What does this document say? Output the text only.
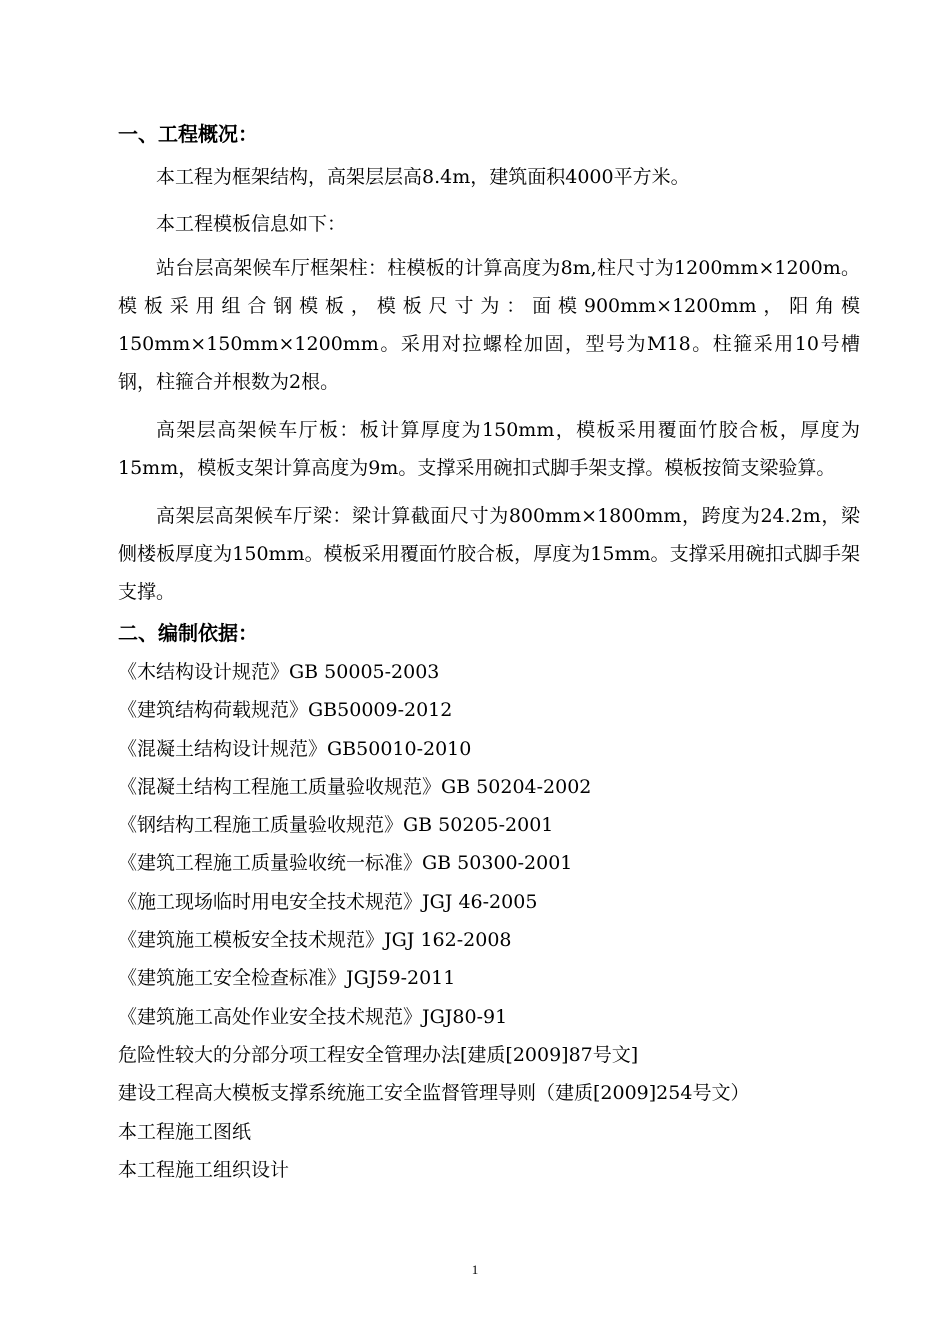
一、工程概况：

本工程为框架结构，高架层层高8.4m，建筑面积4000平方米。

本工程模板信息如下：

站台层高架候车厅框架柱：柱模板的计算高度为8m,柱尺寸为1200mm×1200m。模板采用组合钢模板，模板尺寸为：面模900mm×1200mm，阳角模150mm×150mm×1200mm。采用对拉螺栓加固，型号为M18。柱箍采用10号槽钢，柱箍合并根数为2根。

高架层高架候车厅板：板计算厚度为150mm，模板采用覆面竹胶合板，厚度为15mm，模板支架计算高度为9m。支撑采用碗扣式脚手架支撑。模板按简支梁验算。

高架层高架候车厅梁：梁计算截面尺寸为800mm×1800mm，跨度为24.2m，梁侧楼板厚度为150mm。模板采用覆面竹胶合板，厚度为15mm。支撑采用碗扣式脚手架支撑。

二、编制依据：
《木结构设计规范》GB 50005-2003
《建筑结构荷载规范》GB50009-2012
《混凝土结构设计规范》GB50010-2010
《混凝土结构工程施工质量验收规范》GB 50204-2002
《钢结构工程施工质量验收规范》GB 50205-2001
《建筑工程施工质量验收统一标准》GB 50300-2001
《施工现场临时用电安全技术规范》JGJ 46-2005
《建筑施工模板安全技术规范》JGJ 162-2008
《建筑施工安全检查标准》JGJ59-2011
《建筑施工高处作业安全技术规范》JGJ80-91
危险性较大的分部分项工程安全管理办法[建质[2009]87号文]
建设工程高大模板支撑系统施工安全监督管理导则（建质[2009]254号文）
本工程施工图纸
本工程施工组织设计
1
